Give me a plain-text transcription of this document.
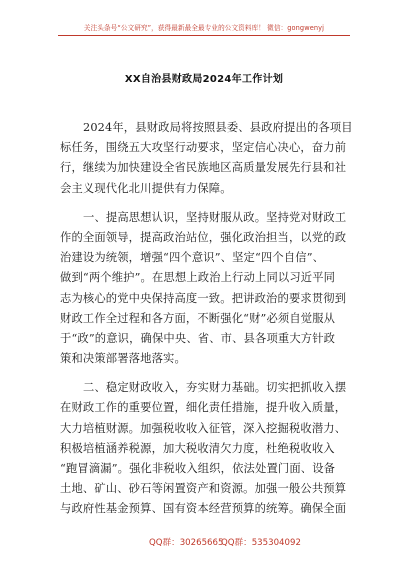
关注头条号“公文研究”，获得最新最全最专业的公文资料库！ 微信：gongwenyj
XX自治县财政局2024年工作计划
2024年，县财政局将按照县委、县政府提出的各项目
标任务，围绕五大攻坚行动要求，坚定信心决心，奋力前
行，继续为加快建设全省民族地区高质量发展先行县和社
会主义现代化北川提供有力保障。
一、提高思想认识，坚持财服从政。坚持党对财政工
作的全面领导，提高政治站位，强化政治担当，以党的政
治建设为统领，增强“四个意识”、坚定“四个自信”、
做到“两个维护”。在思想上政治上行动上同以习近平同
志为核心的党中央保持高度一致。把讲政治的要求贯彻到
财政工作全过程和各方面，不断强化“财”必须自觉服从
于“政”的意识，确保中央、省、市、县各项重大方针政
策和决策部署落地落实。
二、稳定财政收入，夯实财力基础。切实把抓收入摆
在财政工作的重要位置，细化责任措施，提升收入质量，
大力培植财源。加强税收收入征管，深入挖掘税收潜力、
积极培植涵养税源，加大税收清欠力度，杜绝税收收入
“跑冒滴漏”。强化非税收入组织，依法处置门面、设备
土地、矿山、砂石等闲置资产和资源。加强一般公共预算
与政府性基金预算、国有资本经营预算的统筹。确保全面
QQ群：30265665
QQ群：535304092
